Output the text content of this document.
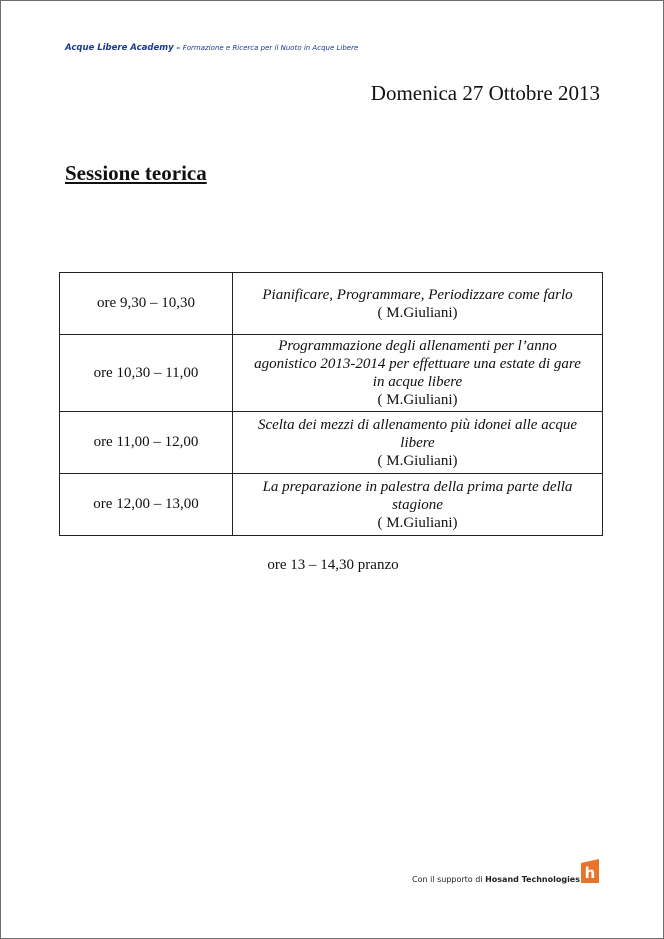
Acque Libere Academy – Formazione e Ricerca per il Nuoto in Acque Libere
Domenica 27 Ottobre 2013
Sessione teorica
ore 9,30 – 10,30	Pianificare, Programmare, Periodizzare come farlo
( M.Giuliani)

ore 10,30 – 11,00	Programmazione degli allenamenti per l’anno
agonistico 2013-2014 per effettuare una estate di gare
in acque libere
( M.Giuliani)

ore 11,00 – 12,00	Scelta dei mezzi di allenamento più idonei alle acque
libere
( M.Giuliani)

ore 12,00 – 13,00	La preparazione in palestra della prima parte della
stagione
( M.Giuliani)
ore 13 – 14,30 pranzo
Con il supporto di Hosand Technologies h
